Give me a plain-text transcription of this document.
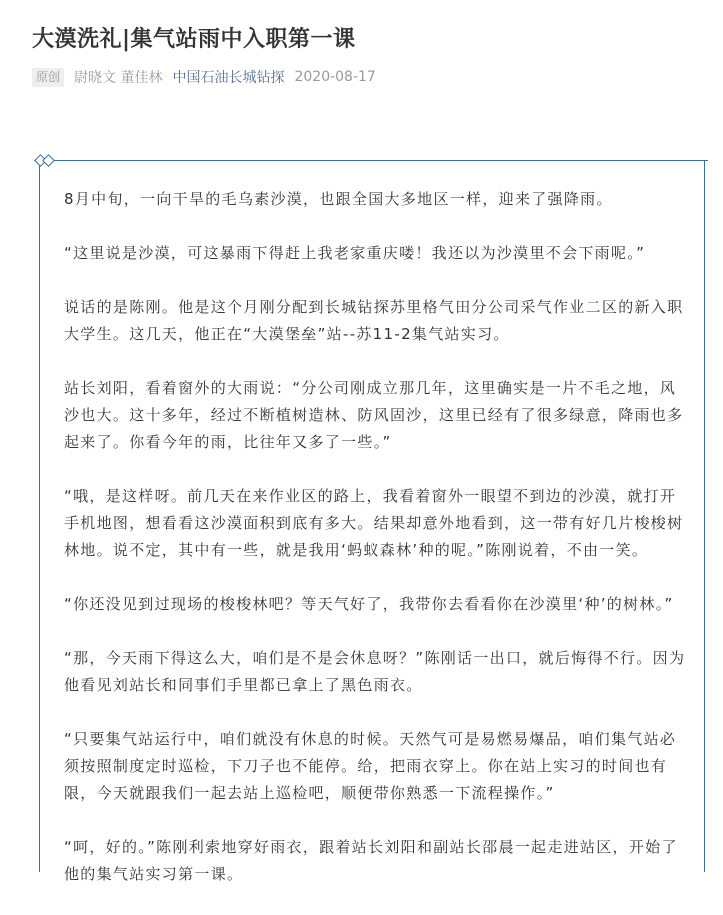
大漠洗礼|集气站雨中入职第一课
原创 尉晓文 董佳林 中国石油长城钻探 2020-08-17

8月中旬，一向干旱的毛乌素沙漠，也跟全国大多地区一样，迎来了强降雨。

“这里说是沙漠，可这暴雨下得赶上我老家重庆喽！我还以为沙漠里不会下雨呢。”

说话的是陈刚。他是这个月刚分配到长城钻探苏里格气田分公司采气作业二区的新入职大学生。这几天，他正在“大漠堡垒”站--苏11-2集气站实习。

站长刘阳，看着窗外的大雨说：“分公司刚成立那几年，这里确实是一片不毛之地，风沙也大。这十多年，经过不断植树造林、防风固沙，这里已经有了很多绿意，降雨也多起来了。你看今年的雨，比往年又多了一些。”

“哦，是这样呀。前几天在来作业区的路上，我看着窗外一眼望不到边的沙漠，就打开手机地图，想看看这沙漠面积到底有多大。结果却意外地看到，这一带有好几片梭梭树林地。说不定，其中有一些，就是我用‘蚂蚁森林’种的呢。”陈刚说着，不由一笑。

“你还没见到过现场的梭梭林吧？等天气好了，我带你去看看你在沙漠里‘种’的树林。”

“那，今天雨下得这么大，咱们是不是会休息呀？”陈刚话一出口，就后悔得不行。因为他看见刘站长和同事们手里都已拿上了黑色雨衣。

“只要集气站运行中，咱们就没有休息的时候。天然气可是易燃易爆品，咱们集气站必须按照制度定时巡检，下刀子也不能停。给，把雨衣穿上。你在站上实习的时间也有限，今天就跟我们一起去站上巡检吧，顺便带你熟悉一下流程操作。”

“呵，好的。”陈刚利索地穿好雨衣，跟着站长刘阳和副站长邵晨一起走进站区，开始了他的集气站实习第一课。
